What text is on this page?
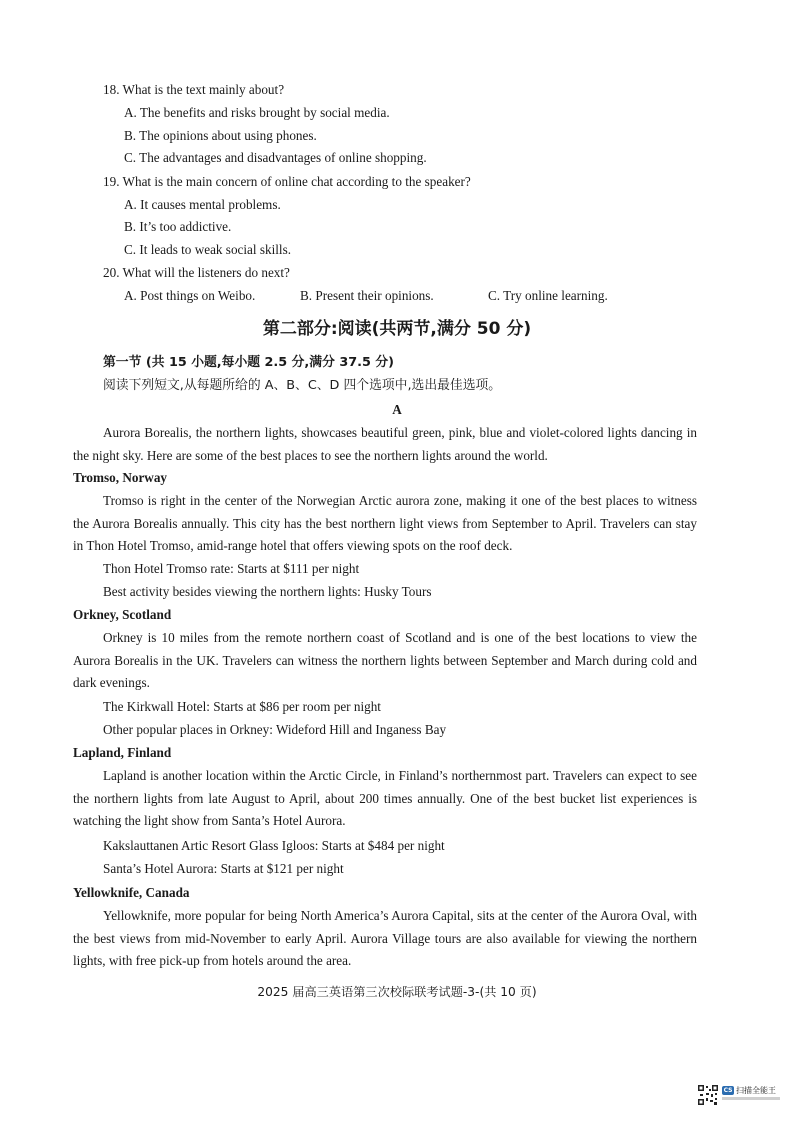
18. What is the text mainly about?
A. The benefits and risks brought by social media.
B. The opinions about using phones.
C. The advantages and disadvantages of online shopping.
19. What is the main concern of online chat according to the speaker?
A. It causes mental problems.
B. It’s too addictive.
C. It leads to weak social skills.
20. What will the listeners do next?
A. Post things on Weibo.	B. Present their opinions.	C. Try online learning.
第二部分:阅读(共两节,满分 50 分)
第一节 (共 15 小题,每小题 2.5 分,满分 37.5 分)
阅读下列短文,从每题所给的 A、B、C、D 四个选项中,选出最佳选项。
A
Aurora Borealis, the northern lights, showcases beautiful green, pink, blue and violet-colored lights dancing in the night sky. Here are some of the best places to see the northern lights around the world.
Tromso, Norway
Tromso is right in the center of the Norwegian Arctic aurora zone, making it one of the best places to witness the Aurora Borealis annually. This city has the best northern light views from September to April. Travelers can stay in Thon Hotel Tromso, amid-range hotel that offers viewing spots on the roof deck.
Thon Hotel Tromso rate: Starts at $111 per night
Best activity besides viewing the northern lights: Husky Tours
Orkney, Scotland
Orkney is 10 miles from the remote northern coast of Scotland and is one of the best locations to view the Aurora Borealis in the UK. Travelers can witness the northern lights between September and March during cold and dark evenings.
The Kirkwall Hotel: Starts at $86 per room per night
Other popular places in Orkney: Wideford Hill and Inganess Bay
Lapland, Finland
Lapland is another location within the Arctic Circle, in Finland’s northernmost part. Travelers can expect to see the northern lights from late August to April, about 200 times annually. One of the best bucket list experiences is watching the light show from Santa’s Hotel Aurora.
Kakslauttanen Artic Resort Glass Igloos: Starts at $484 per night
Santa’s Hotel Aurora: Starts at $121 per night
Yellowknife, Canada
Yellowknife, more popular for being North America’s Aurora Capital, sits at the center of the Aurora Oval, with the best views from mid-November to early April. Aurora Village tours are also available for viewing the northern lights, with free pick-up from hotels around the area.
2025 届高三英语第三次校际联考试题-3-(共 10 页)
CS 扫描全能王
